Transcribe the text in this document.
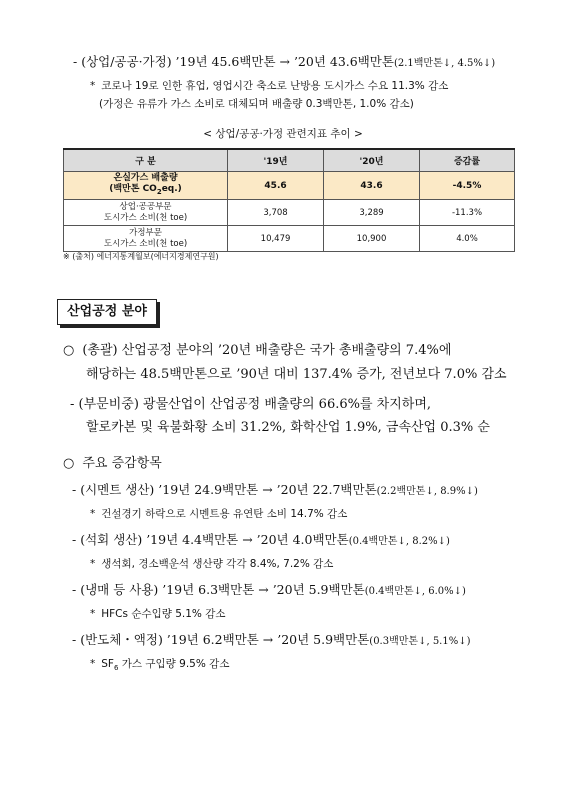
- (상업/공공·가정) ’19년 45.6백만톤 → ’20년 43.6백만톤(2.1백만톤↓, 4.5%↓)
* 코로나 19로 인한 휴업, 영업시간 축소로 난방용 도시가스 수요 11.3% 감소
(가정은 유류가 가스 소비로 대체되며 배출량 0.3백만톤, 1.0% 감소)
< 상업/공공·가정 관련지표 추이 >
구 분	'19년	'20년	증감률
온실가스 배출량
(백만톤 $CO_2eq$.)	45.6	43.6	-4.5%
상업·공공부문
도시가스 소비(천 toe)	3,708	3,289	-11.3%
가정부문
도시가스 소비(천 toe)	10,479	10,900	4.0%
※ (출처) 에너지통계월보(에너지경제연구원)
산업공정 분야
○ (총괄) 산업공정 분야의 ’20년 배출량은 국가 총배출량의 7.4%에
해당하는 48.5백만톤으로 ’90년 대비 137.4% 증가, 전년보다 7.0% 감소
- (부문비중) 광물산업이 산업공정 배출량의 66.6%를 차지하며,
할로카본 및 육불화황 소비 31.2%, 화학산업 1.9%, 금속산업 0.3% 순
○ 주요 증감항목
- (시멘트 생산) ’19년 24.9백만톤 → ’20년 22.7백만톤(2.2백만톤↓, 8.9%↓)
* 건설경기 하락으로 시멘트용 유연탄 소비 14.7% 감소
- (석회 생산) ’19년 4.4백만톤 → ’20년 4.0백만톤(0.4백만톤↓, 8.2%↓)
* 생석회, 경소백운석 생산량 각각 8.4%, 7.2% 감소
- (냉매 등 사용) ’19년 6.3백만톤 → ’20년 5.9백만톤(0.4백만톤↓, 6.0%↓)
* HFCs 순수입량 5.1% 감소
- (반도체・액정) ’19년 6.2백만톤 → ’20년 5.9백만톤(0.3백만톤↓, 5.1%↓)
* $SF_6$ 가스 구입량 9.5% 감소
